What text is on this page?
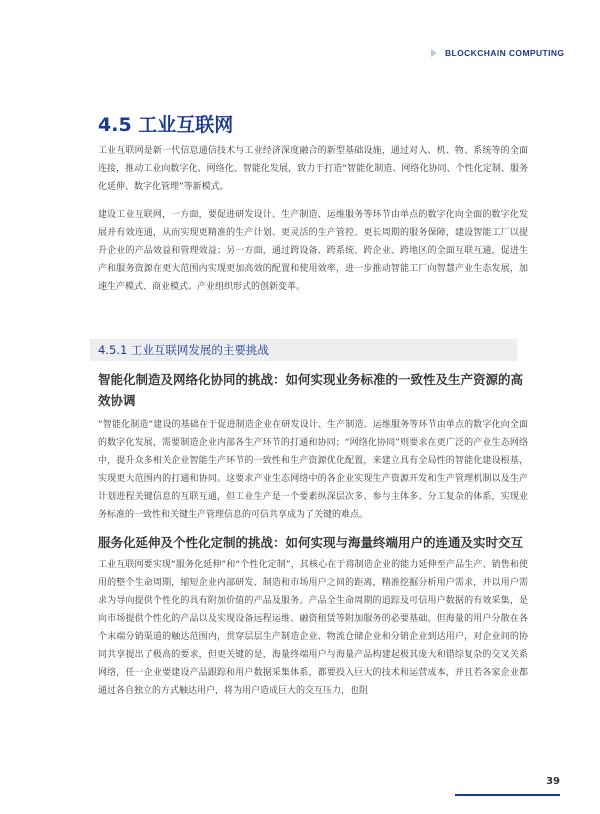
BLOCKCHAIN COMPUTING
4.5 工业互联网

工业互联网是新一代信息通信技术与工业经济深度融合的新型基础设施，通过对人、机、物、系统等的全面连接，推动工业向数字化、网络化、智能化发展，致力于打造“智能化制造、网络化协同、个性化定制、服务化延伸、数字化管理”等新模式。

建设工业互联网，一方面，要促进研发设计、生产制造、运维服务等环节由单点的数字化向全面的数字化发展并有效连通，从而实现更精准的生产计划、更灵活的生产管控、更长周期的服务保障，建设智能工厂以提升企业的产品效益和管理效益；另一方面，通过跨设备、跨系统、跨企业、跨地区的全面互联互通，促进生产和服务资源在更大范围内实现更加高效的配置和使用效率，进一步推动智能工厂向智慧产业生态发展，加速生产模式、商业模式、产业组织形式的创新变革。

4.5.1 工业互联网发展的主要挑战
智能化制造及网络化协同的挑战：如何实现业务标准的一致性及生产资源的高效协调

“智能化制造”建设的基础在于促进制造企业在研发设计、生产制造、运维服务等环节由单点的数字化向全面的数字化发展，需要制造企业内部各生产环节的打通和协同；“网络化协同”则要求在更广泛的产业生态网络中，提升众多相关企业智能生产环节的一致性和生产资源优化配置，来建立具有全局性的智能化建设根基，实现更大范围内的打通和协同。这要求产业生态网络中的各企业实现生产资源开发和生产管理机制以及生产计划进程关键信息的互联互通，但工业生产是一个要素纵深层次多、参与主体多、分工复杂的体系，实现业务标准的一致性和关键生产管理信息的可信共享成为了关键的难点。

服务化延伸及个性化定制的挑战：如何实现与海量终端用户的连通及实时交互

工业互联网要实现“服务化延伸”和“个性化定制”，其核心在于将制造企业的能力延伸至产品生产、销售和使用的整个生命周期，缩短企业内部研发、制造和市场用户之间的距离，精准挖掘分析用户需求，并以用户需求为导向提供个性化的具有附加价值的产品及服务。产品全生命周期的追踪及可信用户数据的有效采集，是向市场提供个性化的产品以及实现设备远程运维、融资租赁等附加服务的必要基础。但海量的用户分散在各个末端分销渠道的触达范围内，贯穿层层生产制造企业、物流仓储企业和分销企业到达用户，对企业间的协同共享提出了极高的要求，但更关键的是，海量终端用户与海量产品构建起极其庞大和错综复杂的交叉关系网络，任一企业要建设产品跟踪和用户数据采集体系，都要投入巨大的技术和运营成本，并且若各家企业都通过各自独立的方式触达用户，将为用户造成巨大的交互压力，也阻

39
